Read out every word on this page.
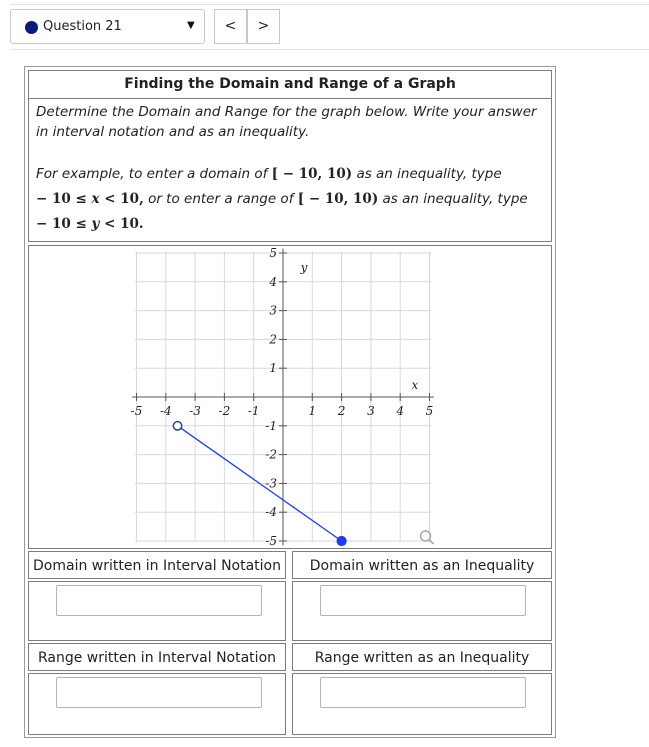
Question 21	▼	<	>
Finding the Domain and Range of a Graph
Determine the Domain and Range for the graph below. Write your answer in interval notation and as an inequality.
For example, to enter a domain of [ − 10, 10) as an inequality, type
− 10 ≤ x < 10, or to enter a range of [ − 10, 10) as an inequality, type
− 10 ≤ y < 10.
-5 -4 -3 -2 -1	1 2 3 4 5
5
4
3
2
1
-1
-2
-3
-4
-5
x
y
Domain written in Interval Notation	Domain written as an Inequality
Range written in Interval Notation	Range written as an Inequality
